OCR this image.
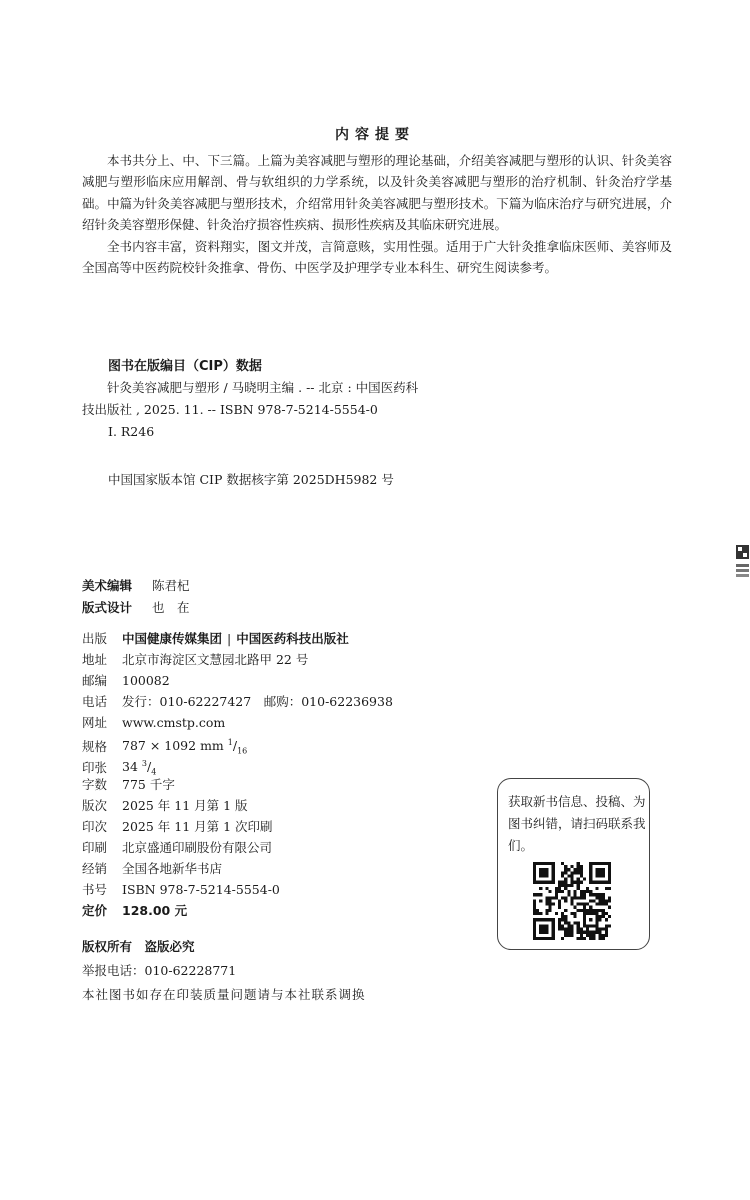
内容提要

本书共分上、中、下三篇。上篇为美容减肥与塑形的理论基础，介绍美容减肥与塑形的认识、针灸美容减肥与塑形临床应用解剖、骨与软组织的力学系统，以及针灸美容减肥与塑形的治疗机制、针灸治疗学基础。中篇为针灸美容减肥与塑形技术，介绍常用针灸美容减肥与塑形技术。下篇为临床治疗与研究进展，介绍针灸美容塑形保健、针灸治疗损容性疾病、损形性疾病及其临床研究进展。

全书内容丰富，资料翔实，图文并茂，言简意赅，实用性强。适用于广大针灸推拿临床医师、美容师及全国高等中医药院校针灸推拿、骨伤、中医学及护理学专业本科生、研究生阅读参考。

图书在版编目（CIP）数据

针灸美容减肥与塑形 / 马晓明主编 . -- 北京 : 中国医药科技出版社 , 2025. 11. -- ISBN 978-7-5214-5554-0

Ⅰ. R246

中国国家版本馆 CIP 数据核字第 2025DH5982 号
美术编辑 陈君杞
版式设计 也　在
出版 中国健康传媒集团 | 中国医药科技出版社
地址 北京市海淀区文慧园北路甲 22 号
邮编 100082
电话 发行：010-62227427　邮购：010-62236938
网址 www.cmstp.com
规格 787 × 1092 mm $^1/_{16}$
印张 34 $^3/_4$
字数 775 千字
版次 2025 年 11 月第 1 版
印次 2025 年 11 月第 1 次印刷
印刷 北京盛通印刷股份有限公司
经销 全国各地新华书店
书号 ISBN 978-7-5214-5554-0
定价 128.00 元
版权所有　盗版必究
举报电话：010-62228771
本社图书如存在印装质量问题请与本社联系调换
获取新书信息、投稿、为图书纠错，请扫码联系我们。
